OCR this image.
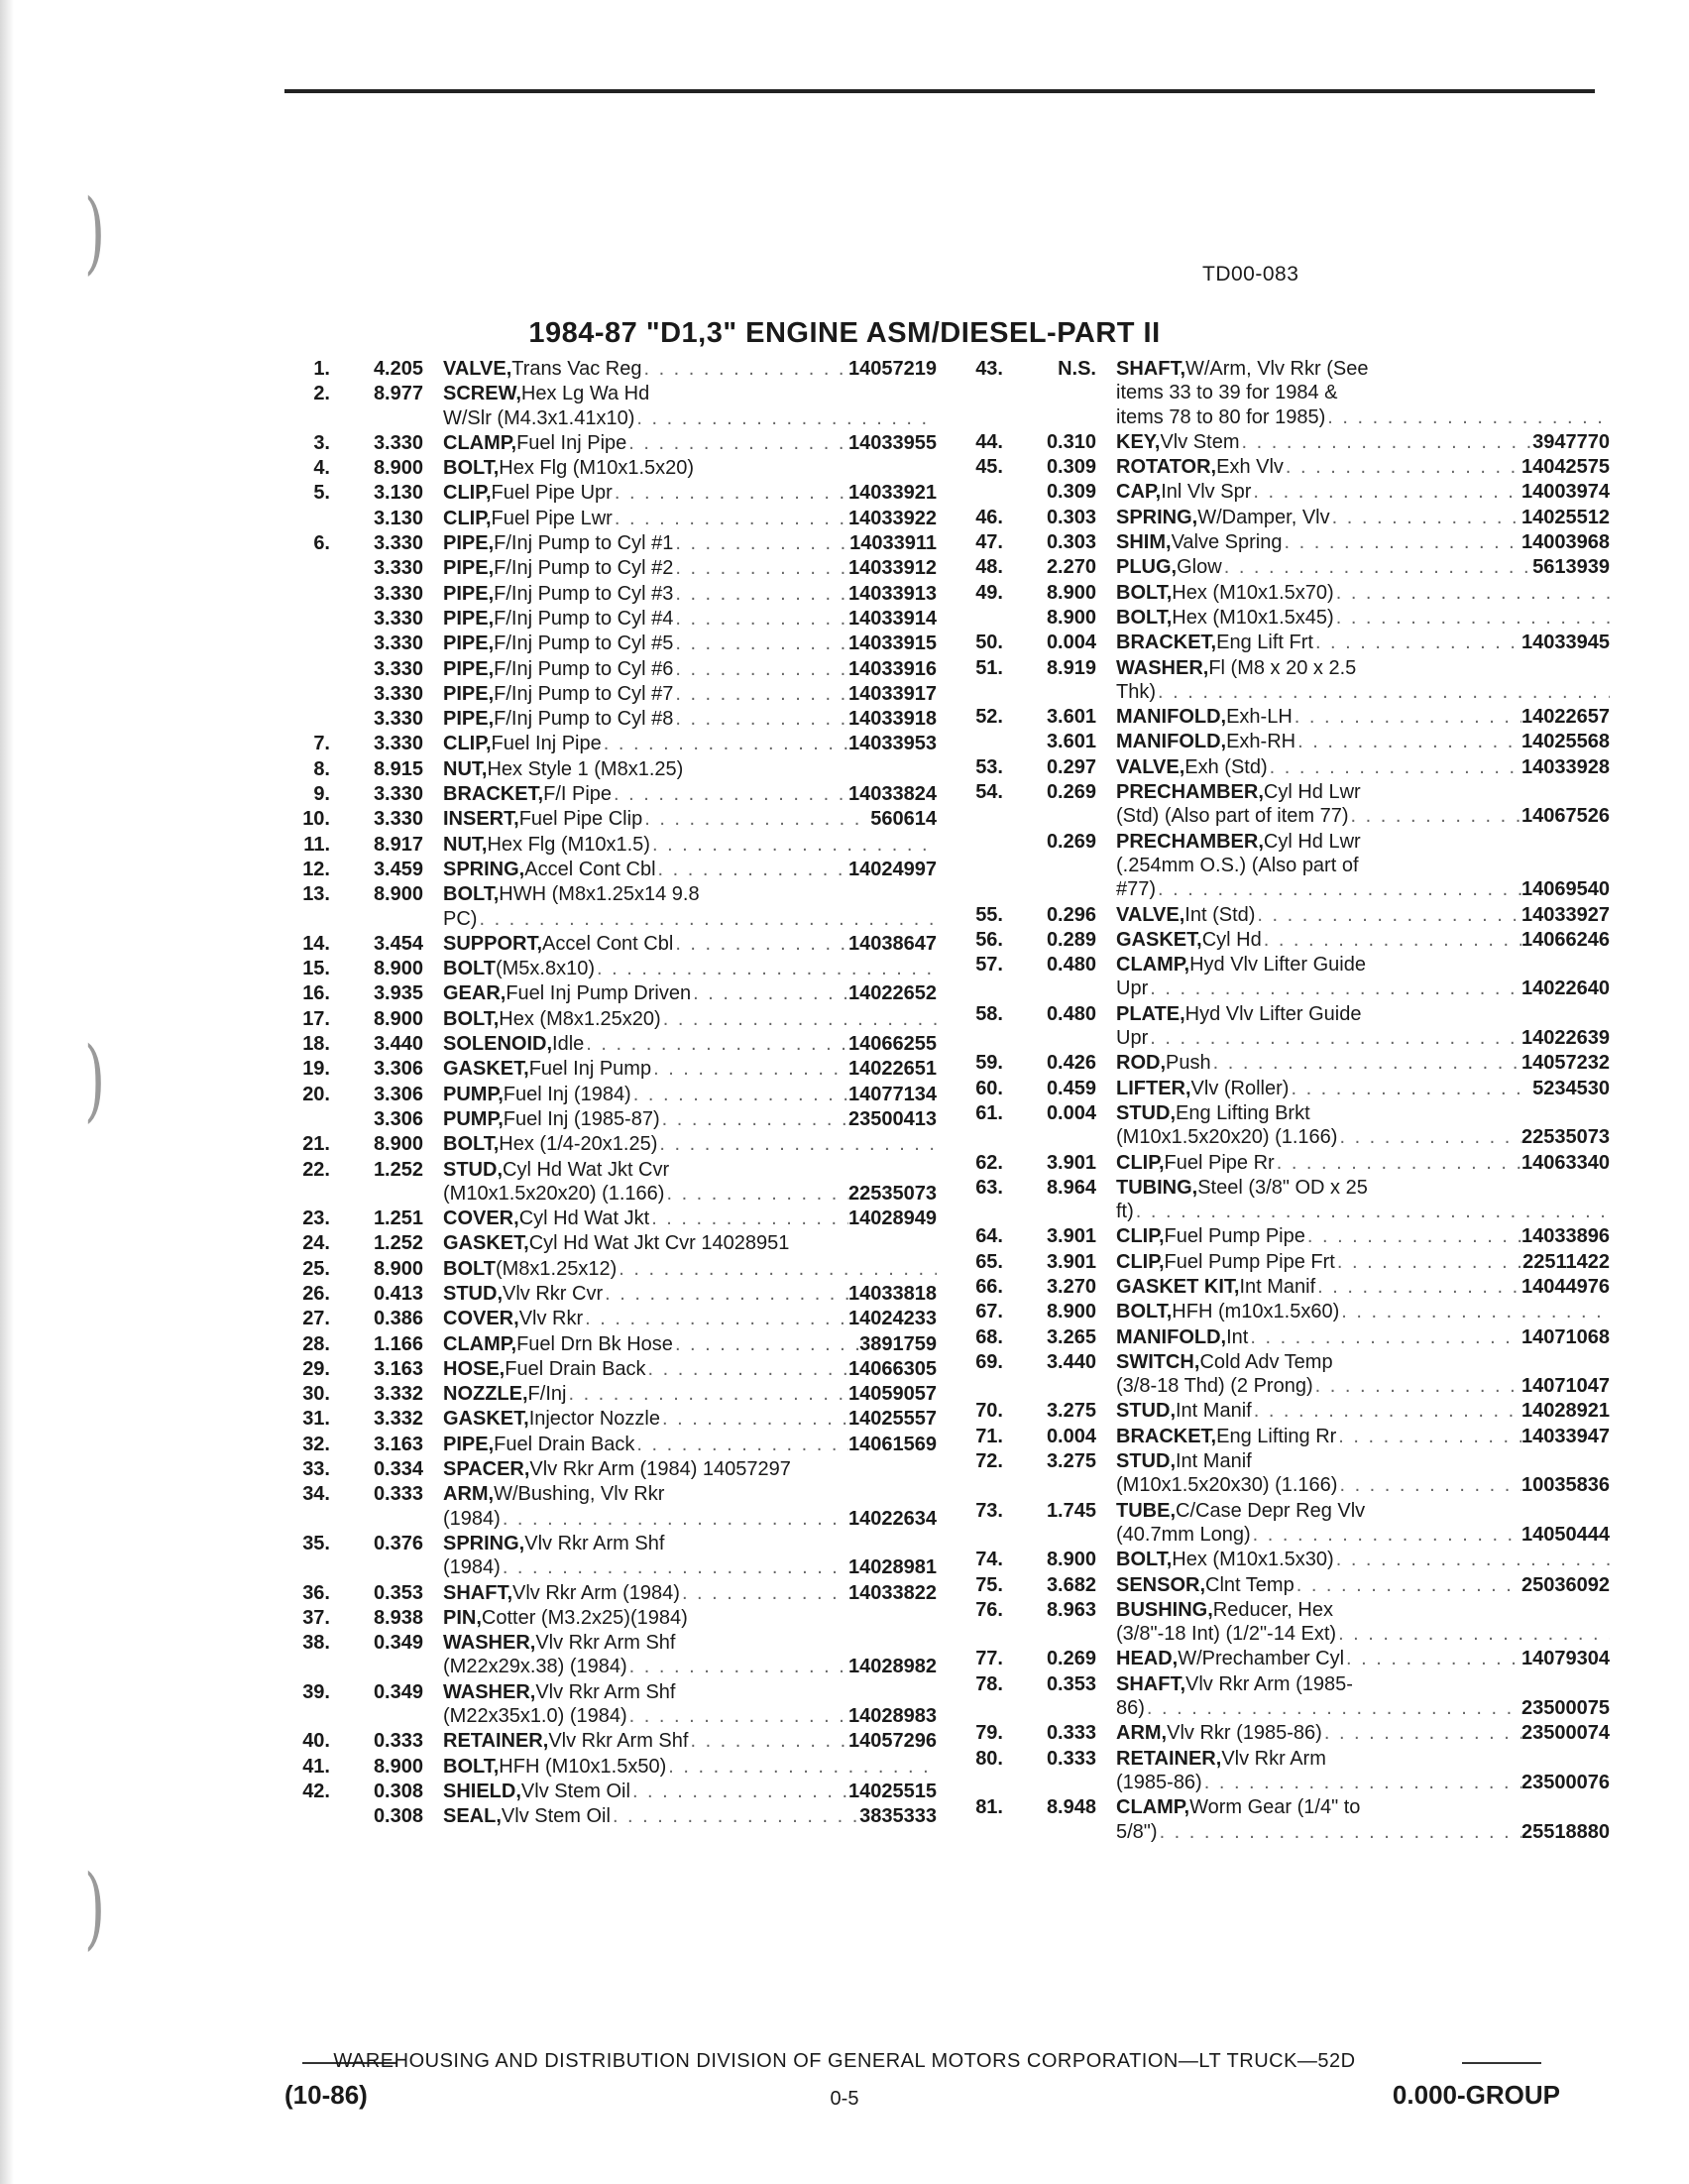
)
)
)
TD00-083
1984-87 "D1,3" ENGINE ASM/DIESEL-PART II
1.	4.205	VALVE, Trans Vac Reg . . .	14057219
2.	8.977	SCREW, Hex Lg Wa Hd
W/Slr (M4.3x1.41x10)
. . .
3.	3.330	CLAMP, Fuel Inj Pipe . . .	14033955
4.	8.900	BOLT, Hex Flg (M10x1.5x20)
5.	3.130	CLIP, Fuel Pipe Upr . . .	14033921
3.130	CLIP, Fuel Pipe Lwr . . .	14033922
6.	3.330	PIPE, F/Inj Pump to Cyl #1 . . .	14033911
3.330	PIPE, F/Inj Pump to Cyl #2 . . .	14033912
3.330	PIPE, F/Inj Pump to Cyl #3 . . .	14033913
3.330	PIPE, F/Inj Pump to Cyl #4 . . .	14033914
3.330	PIPE, F/Inj Pump to Cyl #5 . . .	14033915
3.330	PIPE, F/Inj Pump to Cyl #6 . . .	14033916
3.330	PIPE, F/Inj Pump to Cyl #7 . . .	14033917
3.330	PIPE, F/Inj Pump to Cyl #8 . . .	14033918
7.	3.330	CLIP, Fuel Inj Pipe . . .	14033953
8.	8.915	NUT, Hex Style 1 (M8x1.25)
9.	3.330	BRACKET, F/I Pipe . . .	14033824
10.	3.330	INSERT, Fuel Pipe Clip . . .	560614
11.	8.917	NUT, Hex Flg (M10x1.5)
. . .
12.	3.459	SPRING, Accel Cont Cbl . . .	14024997
13.	8.900	BOLT, HWH (M8x1.25x14 9.8
PC)
. . .
14.	3.454	SUPPORT, Accel Cont Cbl . . .	14038647
15.	8.900	BOLT (M5x.8x10)
. . .
16.	3.935	GEAR, Fuel Inj Pump Driven . . .	14022652
17.	8.900	BOLT, Hex (M8x1.25x20)
. . .
18.	3.440	SOLENOID, Idle . . .	14066255
19.	3.306	GASKET, Fuel Inj Pump . . .	14022651
20.	3.306	PUMP, Fuel Inj (1984) . . .	14077134
3.306	PUMP, Fuel Inj (1985-87) . . .	23500413
21.	8.900	BOLT, Hex (1/4-20x1.25)
. . .
22.	1.252	STUD, Cyl Hd Wat Jkt Cvr
(M10x1.5x20x20) (1.166) . . .	22535073
23.	1.251	COVER, Cyl Hd Wat Jkt . . .	14028949
24.	1.252	GASKET, Cyl Hd Wat Jkt Cvr 14028951
25.	8.900	BOLT (M8x1.25x12)
. . .
26.	0.413	STUD, Vlv Rkr Cvr . . .	14033818
27.	0.386	COVER, Vlv Rkr . . .	14024233
28.	1.166	CLAMP, Fuel Drn Bk Hose . . .	3891759
29.	3.163	HOSE, Fuel Drain Back . . .	14066305
30.	3.332	NOZZLE, F/Inj . . .	14059057
31.	3.332	GASKET, Injector Nozzle . . .	14025557
32.	3.163	PIPE, Fuel Drain Back . . .	14061569
33.	0.334	SPACER, Vlv Rkr Arm (1984) 14057297
34.	0.333	ARM, W/Bushing, Vlv Rkr
(1984) . . .	14022634
35.	0.376	SPRING, Vlv Rkr Arm Shf
(1984) . . .	14028981
36.	0.353	SHAFT, Vlv Rkr Arm (1984) . . .	14033822
37.	8.938	PIN, Cotter (M3.2x25)(1984)
38.	0.349	WASHER, Vlv Rkr Arm Shf
(M22x29x.38) (1984) . . .	14028982
39.	0.349	WASHER, Vlv Rkr Arm Shf
(M22x35x1.0) (1984) . . .	14028983
40.	0.333	RETAINER, Vlv Rkr Arm Shf . . .	14057296
41.	8.900	BOLT, HFH (M10x1.5x50)
. . .
42.	0.308	SHIELD, Vlv Stem Oil . . .	14025515
0.308	SEAL, Vlv Stem Oil . . .	3835333
43.	N.S.	SHAFT, W/Arm, Vlv Rkr (See
items 33 to 39 for 1984 &
items 78 to 80 for 1985)
. . .
44.	0.310	KEY, Vlv Stem . . .	3947770
45.	0.309	ROTATOR, Exh Vlv . . .	14042575
0.309	CAP, Inl Vlv Spr . . .	14003974
46.	0.303	SPRING, W/Damper, Vlv . . .	14025512
47.	0.303	SHIM, Valve Spring . . .	14003968
48.	2.270	PLUG, Glow . . .	5613939
49.	8.900	BOLT, Hex (M10x1.5x70)
. . .
8.900	BOLT, Hex (M10x1.5x45)
. . .
50.	0.004	BRACKET, Eng Lift Frt . . .	14033945
51.	8.919	WASHER, Fl (M8 x 20 x 2.5
Thk)
. . .
52.	3.601	MANIFOLD, Exh-LH . . .	14022657
3.601	MANIFOLD, Exh-RH . . .	14025568
53.	0.297	VALVE, Exh (Std) . . .	14033928
54.	0.269	PRECHAMBER, Cyl Hd Lwr
(Std) (Also part of item 77) . . .	14067526
0.269	PRECHAMBER, Cyl Hd Lwr
(.254mm O.S.) (Also part of
#77) . . .	14069540
55.	0.296	VALVE, Int (Std) . . .	14033927
56.	0.289	GASKET, Cyl Hd . . .	14066246
57.	0.480	CLAMP, Hyd Vlv Lifter Guide
Upr . . .	14022640
58.	0.480	PLATE, Hyd Vlv Lifter Guide
Upr . . .	14022639
59.	0.426	ROD, Push . . .	14057232
60.	0.459	LIFTER, Vlv (Roller) . . .	5234530
61.	0.004	STUD, Eng Lifting Brkt
(M10x1.5x20x20) (1.166) . . .	22535073
62.	3.901	CLIP, Fuel Pipe Rr . . .	14063340
63.	8.964	TUBING, Steel (3/8" OD x 25
ft)
. . .
64.	3.901	CLIP, Fuel Pump Pipe . . .	14033896
65.	3.901	CLIP, Fuel Pump Pipe Frt . . .	22511422
66.	3.270	GASKET KIT, Int Manif . . .	14044976
67.	8.900	BOLT, HFH (m10x1.5x60)
. . .
68.	3.265	MANIFOLD, Int . . .	14071068
69.	3.440	SWITCH, Cold Adv Temp
(3/8-18 Thd) (2 Prong) . . .	14071047
70.	3.275	STUD, Int Manif . . .	14028921
71.	0.004	BRACKET, Eng Lifting Rr . . .	14033947
72.	3.275	STUD, Int Manif
(M10x1.5x20x30) (1.166) . . .	10035836
73.	1.745	TUBE, C/Case Depr Reg Vlv
(40.7mm Long) . . .	14050444
74.	8.900	BOLT, Hex (M10x1.5x30)
. . .
75.	3.682	SENSOR, Clnt Temp . . .	25036092
76.	8.963	BUSHING, Reducer, Hex
(3/8"-18 Int) (1/2"-14 Ext)
. . .
77.	0.269	HEAD, W/Prechamber Cyl . . .	14079304
78.	0.353	SHAFT, Vlv Rkr Arm (1985-
86) . . .	23500075
79.	0.333	ARM, Vlv Rkr (1985-86) . . .	23500074
80.	0.333	RETAINER, Vlv Rkr Arm
(1985-86) . . .	23500076
81.	8.948	CLAMP, Worm Gear (1/4" to
5/8") . . .	25518880
WAREHOUSING AND DISTRIBUTION DIVISION OF GENERAL MOTORS CORPORATION—LT TRUCK—52D
(10-86)	0-5	0.000-GROUP
